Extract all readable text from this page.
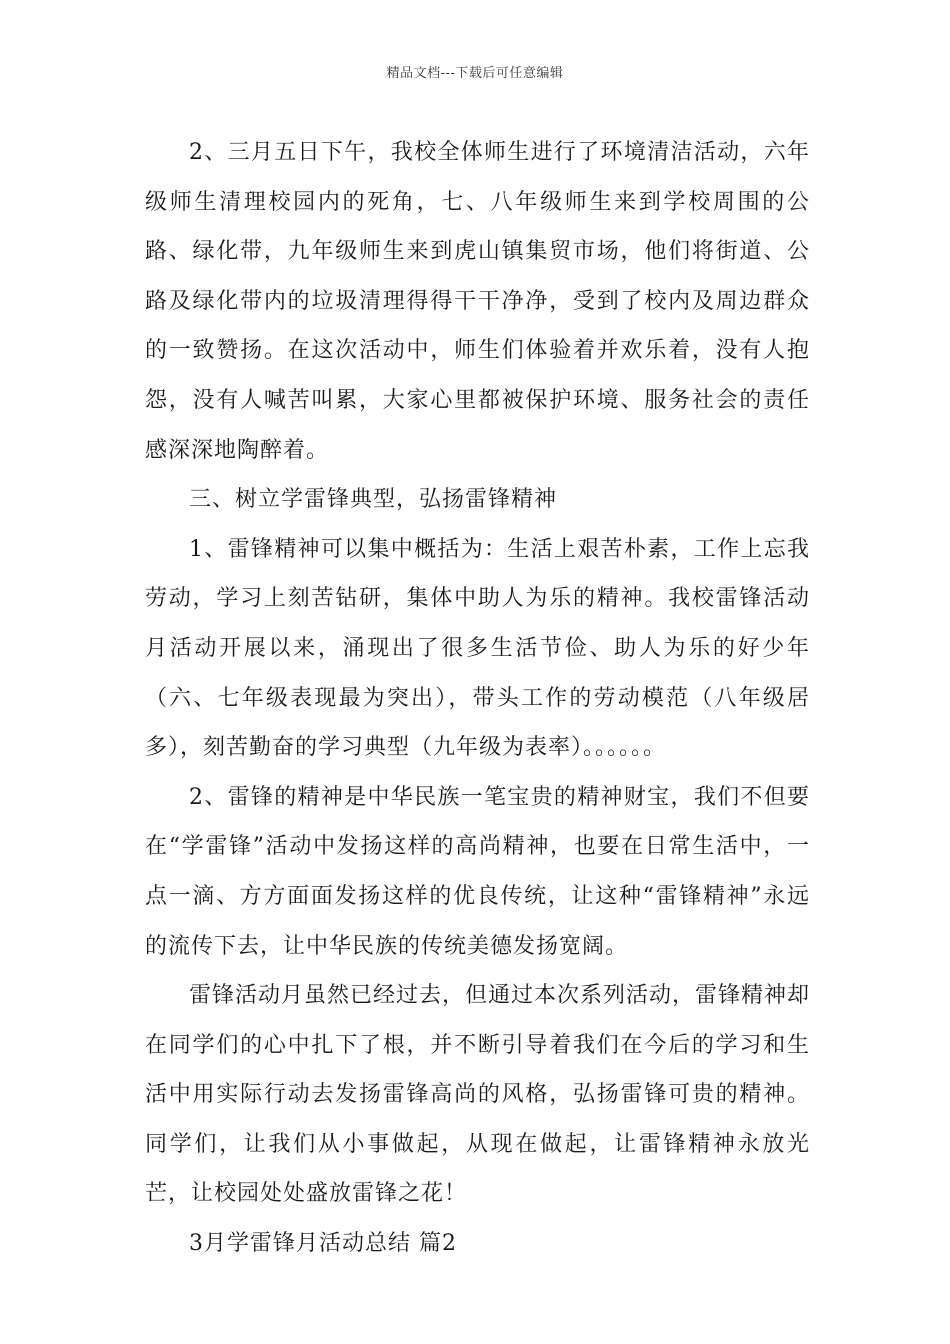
精品文档---下载后可任意编辑

2、三月五日下午，我校全体师生进行了环境清洁活动，六年级师生清理校园内的死角，七、八年级师生来到学校周围的公路、绿化带，九年级师生来到虎山镇集贸市场，他们将街道、公路及绿化带内的垃圾清理得得干干净净，受到了校内及周边群众的一致赞扬。在这次活动中，师生们体验着并欢乐着，没有人抱怨，没有人喊苦叫累，大家心里都被保护环境、服务社会的责任感深深地陶醉着。

三、树立学雷锋典型，弘扬雷锋精神

1、雷锋精神可以集中概括为：生活上艰苦朴素，工作上忘我劳动，学习上刻苦钻研，集体中助人为乐的精神。我校雷锋活动月活动开展以来，涌现出了很多生活节俭、助人为乐的好少年（六、七年级表现最为突出），带头工作的劳动模范（八年级居多），刻苦勤奋的学习典型（九年级为表率）。。。。。。

2、雷锋的精神是中华民族一笔宝贵的精神财宝，我们不但要在“学雷锋”活动中发扬这样的高尚精神，也要在日常生活中，一点一滴、方方面面发扬这样的优良传统，让这种“雷锋精神”永远的流传下去，让中华民族的传统美德发扬宽阔。

雷锋活动月虽然已经过去，但通过本次系列活动，雷锋精神却在同学们的心中扎下了根，并不断引导着我们在今后的学习和生活中用实际行动去发扬雷锋高尚的风格，弘扬雷锋可贵的精神。同学们，让我们从小事做起，从现在做起，让雷锋精神永放光芒，让校园处处盛放雷锋之花！

3月学雷锋月活动总结 篇2
